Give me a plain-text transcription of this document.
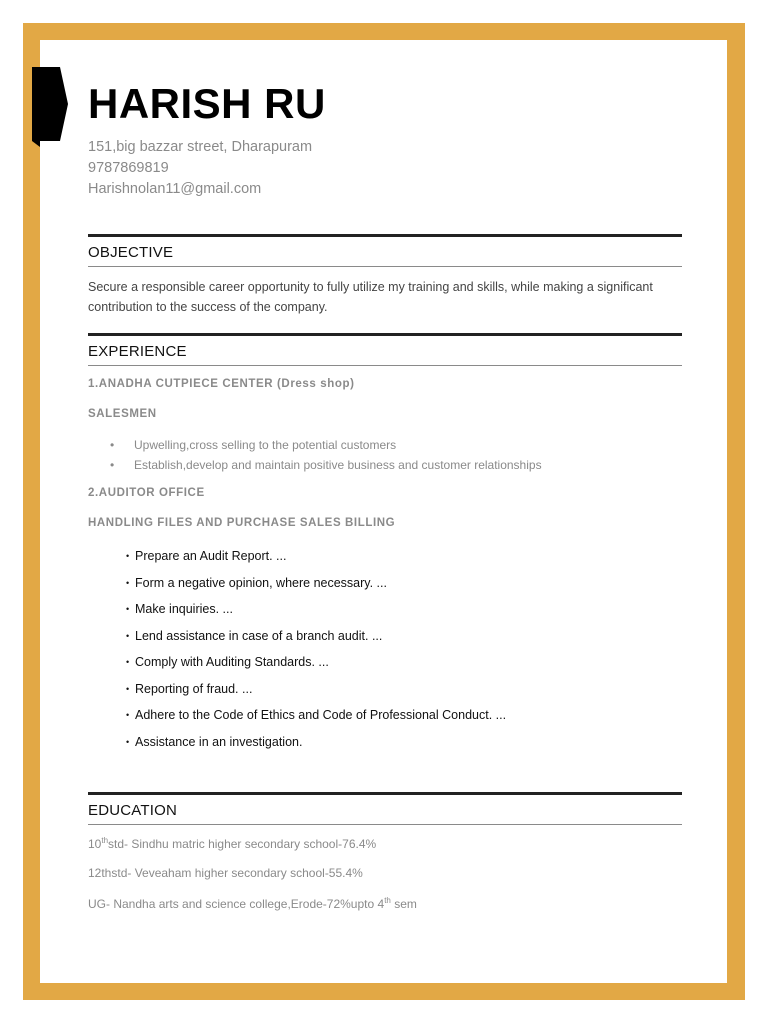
HARISH RU
151,big bazzar street, Dharapuram
9787869819
Harishnolan11@gmail.com
OBJECTIVE
Secure a responsible career opportunity to fully utilize my training and skills, while making a significant contribution to the success of the company.
EXPERIENCE
1.ANADHA CUTPIECE CENTER (Dress shop)
SALESMEN
• Upwelling,cross selling to the potential customers
• Establish,develop and maintain positive business and customer relationships
2.AUDITOR OFFICE
HANDLING FILES AND PURCHASE SALES BILLING
• Prepare an Audit Report. ...
• Form a negative opinion, where necessary. ...
• Make inquiries. ...
• Lend assistance in case of a branch audit. ...
• Comply with Auditing Standards. ...
• Reporting of fraud. ...
• Adhere to the Code of Ethics and Code of Professional Conduct. ...
• Assistance in an investigation.
EDUCATION
10thstd- Sindhu matric higher secondary school-76.4%
12thstd- Veveaham higher secondary school-55.4%
UG- Nandha arts and science college,Erode-72%upto 4th sem
